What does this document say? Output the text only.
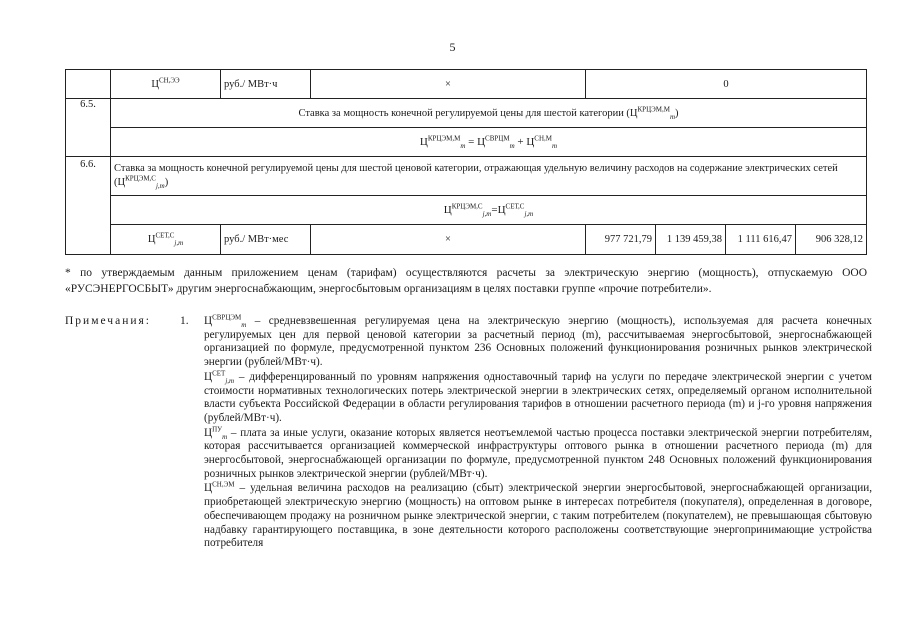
5
	$Ц^{СН,ЭЭ}$	руб./ МВт·ч	×	0			
6.5.	Ставка за мощность конечной регулируемой цены для шестой категории $(Ц^{КРЦЭМ,М}_m)$						
	$Ц^{КРЦЭМ,М}_m = Ц^{СВРЦМ}_m + Ц^{СН,М}_m$
6.6.	Ставка за мощность конечной регулируемой цены для шестой ценовой категории, отражающая удельную величину расходов на содержание электрических сетей $(Ц^{КРЦЭМ,С}_{j,m})$						
	$Ц^{КРЦЭМ,С}_{j,m}=Ц^{СЕТ,С}_{j,m}$
	$Ц^{СЕТ,С}_{j,m}$	руб./ МВт·мес	×	977 721,79	1 139 459,38	1 111 616,47	906 328,12
* по утверждаемым данным приложением ценам (тарифам) осуществляются расчеты за электрическую энергию (мощность), отпускаемую ООО «РУСЭНЕРГОСБЫТ» другим энергоснабжающим, энергосбытовым организациям в целях поставки группе «прочие потребители».
Примечания:	1. $Ц^{СВРЦЭМ}_m$ – средневзвешенная регулируемая цена на электрическую энергию (мощность), используемая для расчета конечных регулируемых цен для первой ценовой категории за расчетный период (m), рассчитываемая энергосбытовой, энергоснабжающей организацией по формуле, предусмотренной пунктом 236 Основных положений функционирования розничных рынков электрической энергии (рублей/МВт·ч).

$Ц^{СЕТ}_{j,m}$ – дифференцированный по уровням напряжения одноставочный тариф на услуги по передаче электрической энергии с учетом стоимости нормативных технологических потерь электрической энергии в электрических сетях, определяемый органом исполнительной власти субъекта Российской Федерации в области регулирования тарифов в отношении расчетного периода (m) и j-го уровня напряжения (рублей/МВт·ч).

$Ц^{ПУ}_m$ – плата за иные услуги, оказание которых является неотъемлемой частью процесса поставки электрической энергии потребителям, которая рассчитывается организацией коммерческой инфраструктуры оптового рынка в отношении расчетного периода (m) для энергосбытовой, энергоснабжающей организации по формуле, предусмотренной пунктом 248 Основных положений функционирования розничных рынков электрической энергии (рублей/МВт·ч).

$Ц^{СН,ЭМ}$ – удельная величина расходов на реализацию (сбыт) электрической энергии энергосбытовой, энергоснабжающей организации, приобретающей электрическую энергию (мощность) на оптовом рынке в интересах потребителя (покупателя), определенная в договоре, обеспечивающем продажу на розничном рынке электрической энергии, с таким потребителем (покупателем), не превышающая сбытовую надбавку гарантирующего поставщика, в зоне деятельности которого расположены соответствующие энергопринимающие устройства потребителя
